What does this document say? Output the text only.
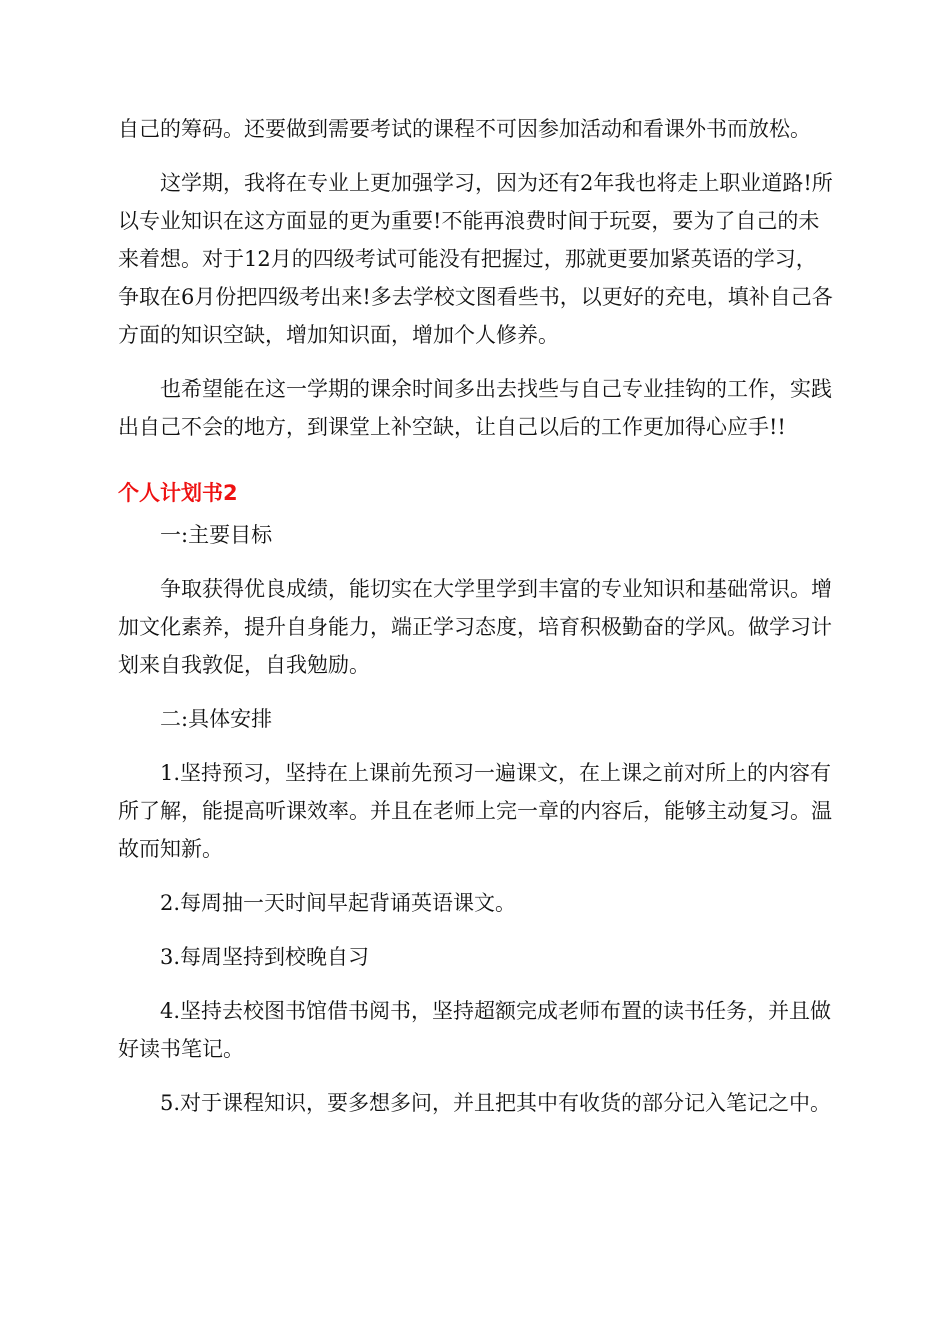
自己的筹码。还要做到需要考试的课程不可因参加活动和看课外书而放松。

这学期，我将在专业上更加强学习，因为还有2年我也将走上职业道路!所以专业知识在这方面显的更为重要!不能再浪费时间于玩耍，要为了自己的未来着想。对于12月的四级考试可能没有把握过，那就更要加紧英语的学习，争取在6月份把四级考出来!多去学校文图看些书，以更好的充电，填补自己各方面的知识空缺，增加知识面，增加个人修养。

也希望能在这一学期的课余时间多出去找些与自己专业挂钩的工作，实践出自己不会的地方，到课堂上补空缺，让自己以后的工作更加得心应手!!

个人计划书2

一:主要目标

争取获得优良成绩，能切实在大学里学到丰富的专业知识和基础常识。增加文化素养，提升自身能力，端正学习态度，培育积极勤奋的学风。做学习计划来自我敦促，自我勉励。

二:具体安排

1.坚持预习，坚持在上课前先预习一遍课文，在上课之前对所上的内容有所了解，能提高听课效率。并且在老师上完一章的内容后，能够主动复习。温故而知新。

2.每周抽一天时间早起背诵英语课文。

3.每周坚持到校晚自习

4.坚持去校图书馆借书阅书，坚持超额完成老师布置的读书任务，并且做好读书笔记。

5.对于课程知识，要多想多问，并且把其中有收货的部分记入笔记之中。
